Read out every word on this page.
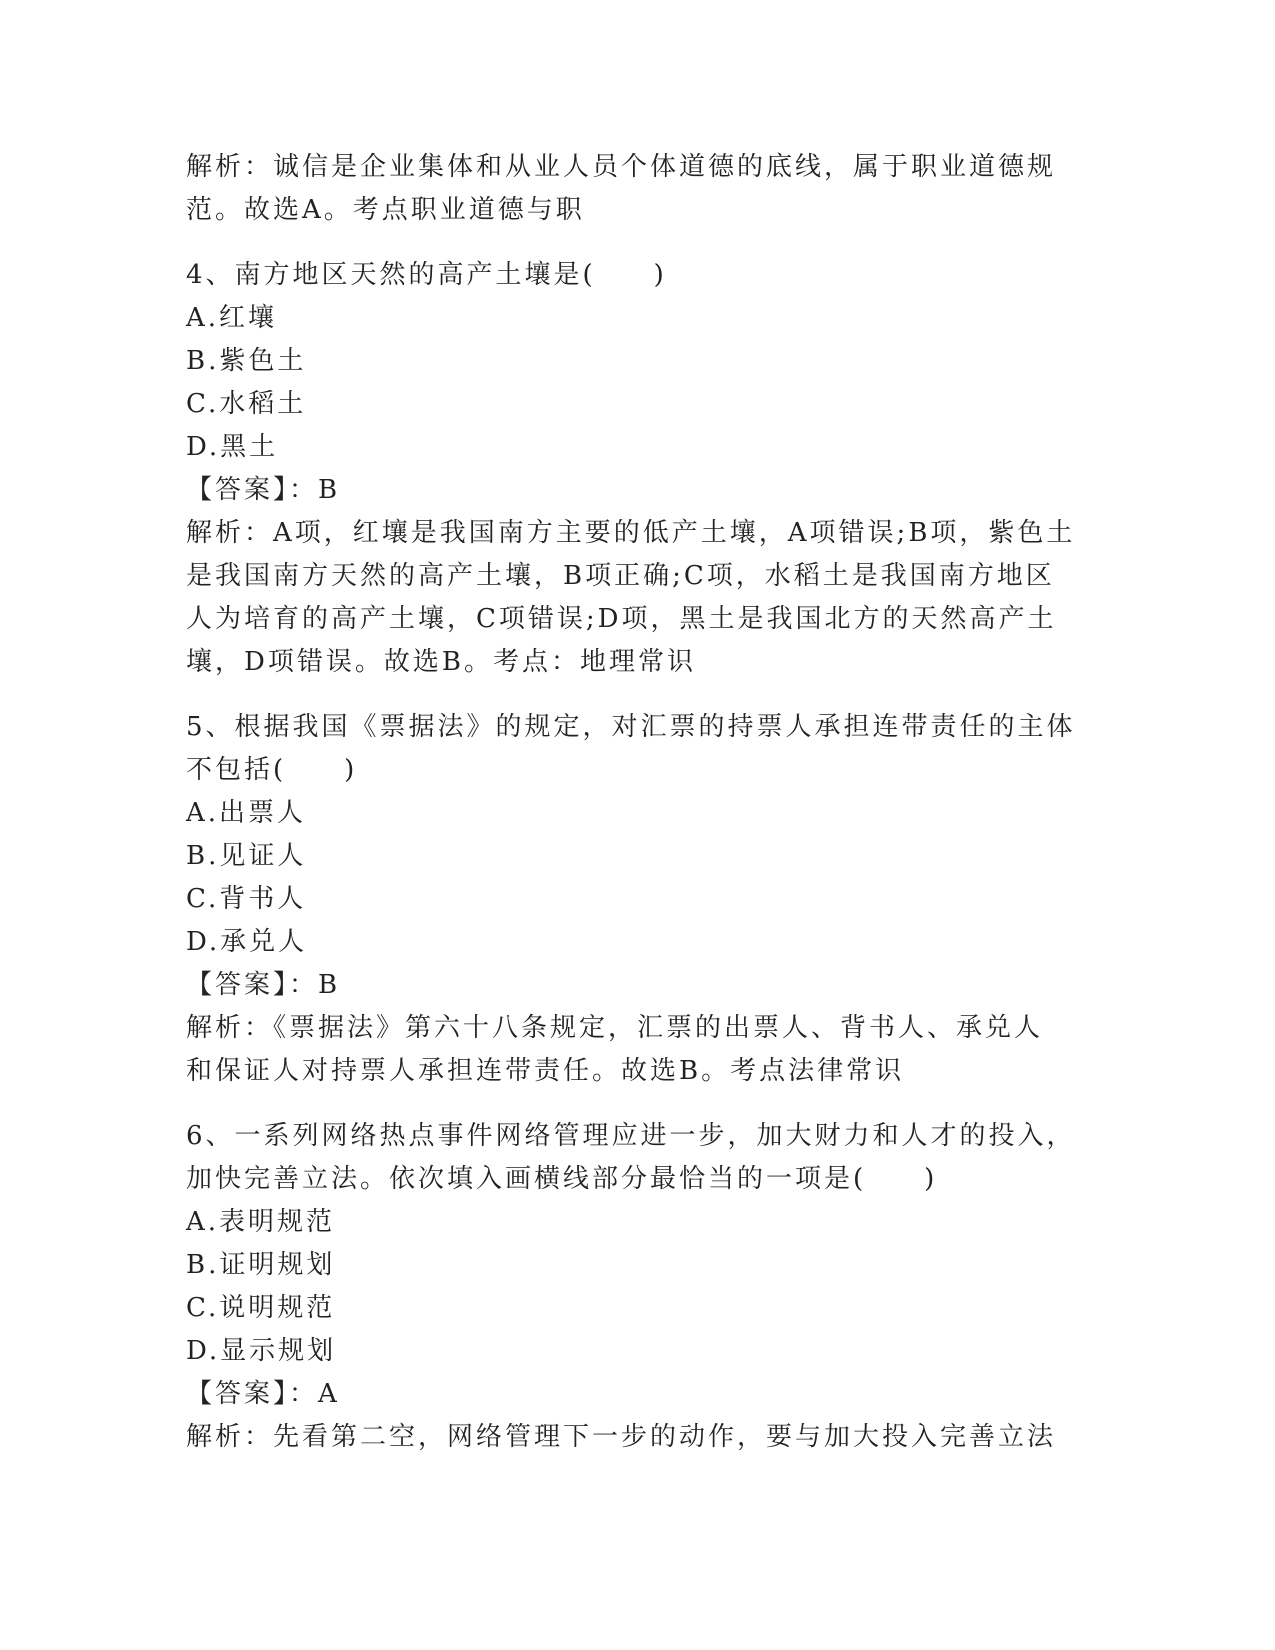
解析：诚信是企业集体和从业人员个体道德的底线，属于职业道德规
范。故选A。考点职业道德与职
4、南方地区天然的高产土壤是(　　)
A.红壤
B.紫色土
C.水稻土
D.黑土
【答案】：B
解析：A项，红壤是我国南方主要的低产土壤，A项错误;B项，紫色土
是我国南方天然的高产土壤，B项正确;C项，水稻土是我国南方地区
人为培育的高产土壤，C项错误;D项，黑土是我国北方的天然高产土
壤，D项错误。故选B。考点：地理常识
5、根据我国《票据法》的规定，对汇票的持票人承担连带责任的主体
不包括(　　)
A.出票人
B.见证人
C.背书人
D.承兑人
【答案】：B
解析：《票据法》第六十八条规定，汇票的出票人、背书人、承兑人
和保证人对持票人承担连带责任。故选B。考点法律常识
6、一系列网络热点事件网络管理应进一步，加大财力和人才的投入，
加快完善立法。依次填入画横线部分最恰当的一项是(　　)
A.表明规范
B.证明规划
C.说明规范
D.显示规划
【答案】：A
解析：先看第二空，网络管理下一步的动作，要与加大投入完善立法
